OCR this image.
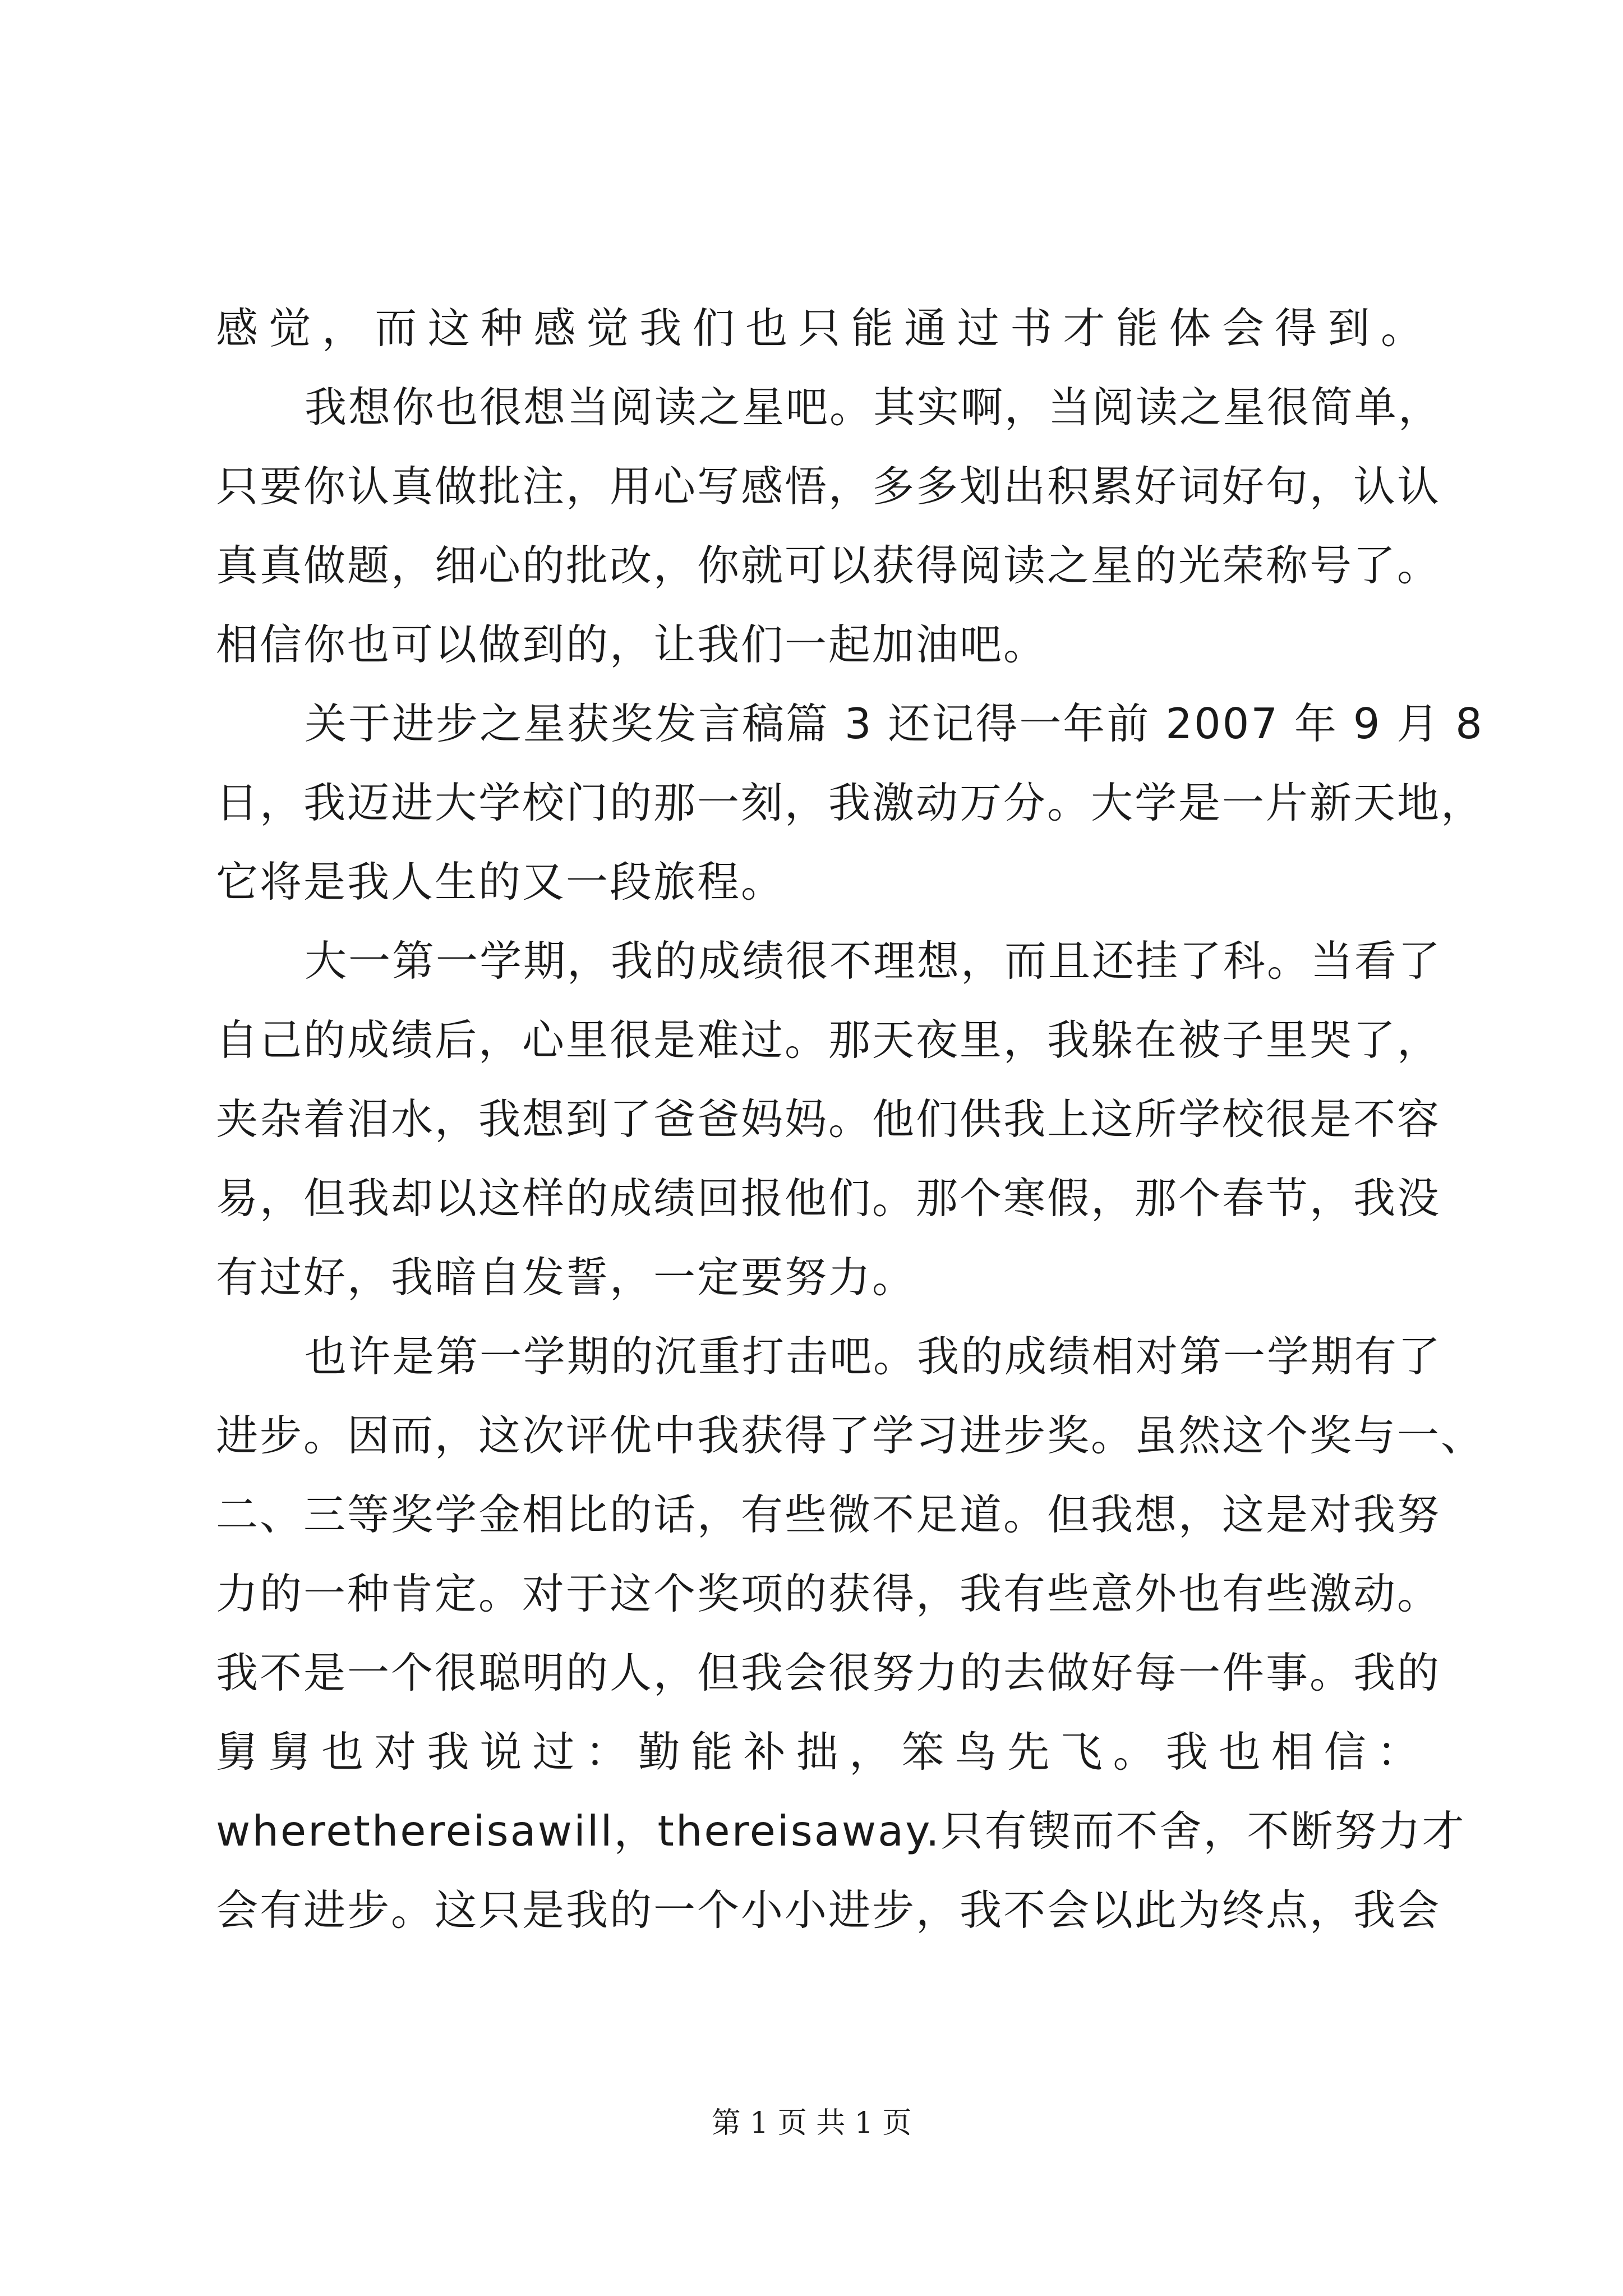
感觉，而这种感觉我们也只能通过书才能体会得到。
我想你也很想当阅读之星吧。其实啊，当阅读之星很简单，
只要你认真做批注，用心写感悟，多多划出积累好词好句，认认
真真做题，细心的批改，你就可以获得阅读之星的光荣称号了。
相信你也可以做到的，让我们一起加油吧。
关于进步之星获奖发言稿篇 3 还记得一年前 2007 年 9 月 8
日，我迈进大学校门的那一刻，我激动万分。大学是一片新天地，
它将是我人生的又一段旅程。
大一第一学期，我的成绩很不理想，而且还挂了科。当看了
自己的成绩后，心里很是难过。那天夜里，我躲在被子里哭了，
夹杂着泪水，我想到了爸爸妈妈。他们供我上这所学校很是不容
易，但我却以这样的成绩回报他们。那个寒假，那个春节，我没
有过好，我暗自发誓，一定要努力。
也许是第一学期的沉重打击吧。我的成绩相对第一学期有了
进步。因而，这次评优中我获得了学习进步奖。虽然这个奖与一、
二、三等奖学金相比的话，有些微不足道。但我想，这是对我努
力的一种肯定。对于这个奖项的获得，我有些意外也有些激动。
我不是一个很聪明的人，但我会很努力的去做好每一件事。我的
舅舅也对我说过：勤能补拙，笨鸟先飞。我也相信：
wherethereisawill，thereisaway.只有锲而不舍，不断努力才
会有进步。这只是我的一个小小进步，我不会以此为终点，我会
第 1 页 共 1 页
